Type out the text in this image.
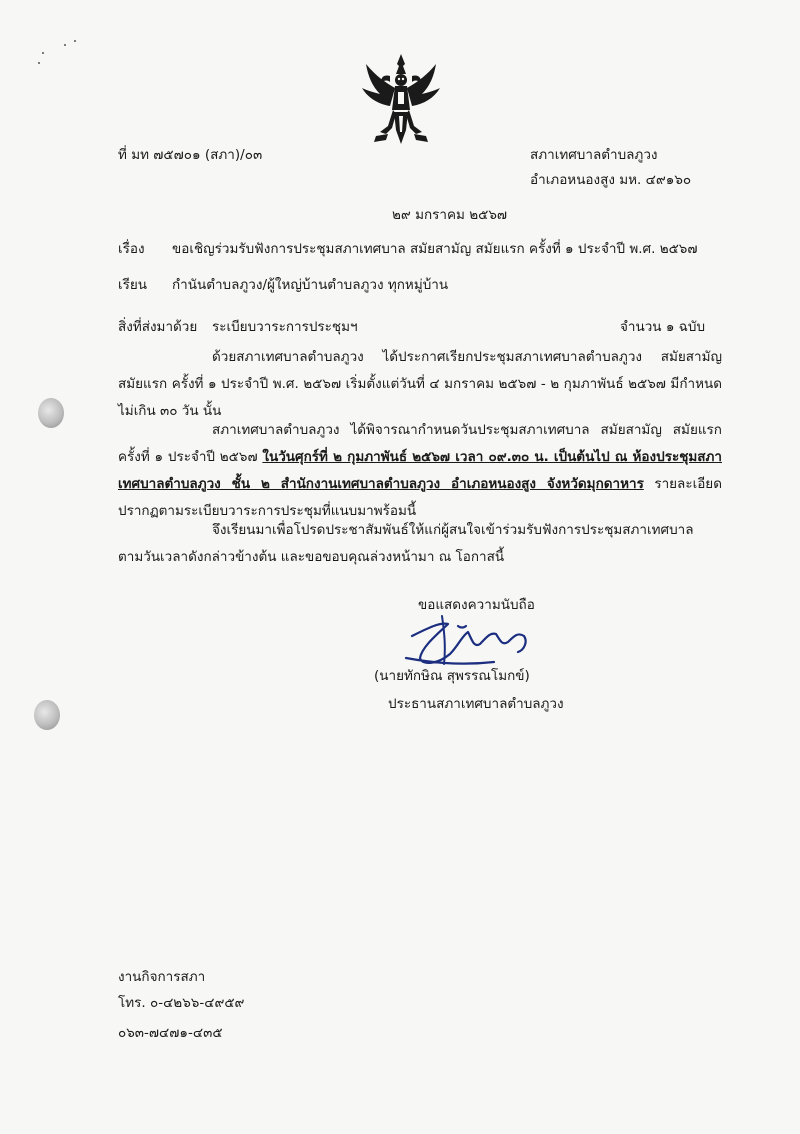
ที่ มท ๗๕๗๐๑ (สภา)/๐๓	สภาเทศบาลตำบลภูวง
อำเภอหนองสูง มห. ๔๙๑๖๐
๒๙ มกราคม ๒๕๖๗
เรื่อง ขอเชิญร่วมรับฟังการประชุมสภาเทศบาล สมัยสามัญ สมัยแรก ครั้งที่ ๑ ประจำปี พ.ศ. ๒๕๖๗
เรียน กำนันตำบลภูวง/ผู้ใหญ่บ้านตำบลภูวง ทุกหมู่บ้าน
สิ่งที่ส่งมาด้วย ระเบียบวาระการประชุมฯ	จำนวน ๑ ฉบับ
ด้วยสภาเทศบาลตำบลภูวง ได้ประกาศเรียกประชุมสภาเทศบาลตำบลภูวง สมัยสามัญ สมัยแรก ครั้งที่ ๑ ประจำปี พ.ศ. ๒๕๖๗ เริ่มตั้งแต่วันที่ ๔ มกราคม ๒๕๖๗ - ๒ กุมภาพันธ์ ๒๕๖๗ มีกำหนดไม่เกิน ๓๐ วัน นั้น
สภาเทศบาลตำบลภูวง ได้พิจารณากำหนดวันประชุมสภาเทศบาล สมัยสามัญ สมัยแรก ครั้งที่ ๑ ประจำปี ๒๕๖๗ ในวันศุกร์ที่ ๒ กุมภาพันธ์ ๒๕๖๗ เวลา ๐๙.๓๐ น. เป็นต้นไป ณ ห้องประชุมสภาเทศบาลตำบลภูวง ชั้น ๒ สำนักงานเทศบาลตำบลภูวง อำเภอหนองสูง จังหวัดมุกดาหาร รายละเอียดปรากฏตามระเบียบวาระการประชุมที่แนบมาพร้อมนี้
จึงเรียนมาเพื่อโปรดประชาสัมพันธ์ให้แก่ผู้สนใจเข้าร่วมรับฟังการประชุมสภาเทศบาล ตามวันเวลาดังกล่าวข้างต้น และขอขอบคุณล่วงหน้ามา ณ โอกาสนี้
ขอแสดงความนับถือ
(นายทักษิณ สุพรรณโมกข์)
ประธานสภาเทศบาลตำบลภูวง
งานกิจการสภา
โทร. ๐-๔๒๖๖-๔๙๕๙
๐๖๓-๗๔๗๑-๔๓๕
